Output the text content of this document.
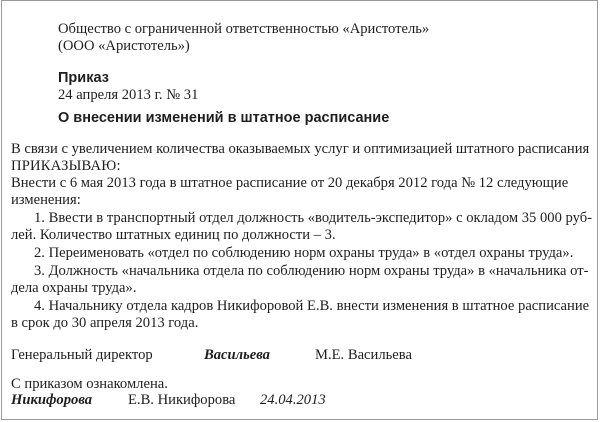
Общество с ограниченной ответственностью «Аристотель»

(ООО «Аристотель»)

Приказ

24 апреля 2013 г. № 31

О внесении изменений в штатное расписание

В связи с увеличением количества оказываемых услуг и оптимизацией штатного расписания

ПРИКАЗЫВАЮ:

Внести с 6 мая 2013 года в штатное расписание от 20 декабря 2012 года № 12 следующие

изменения:

1. Ввести в транспортный отдел должность «водитель-экспедитор» с окладом 35 000 руб-

лей. Количество штатных единиц по должности – 3.

2. Переименовать «отдел по соблюдению норм охраны труда» в «отдел охраны труда».

3. Должность «начальника отдела по соблюдению норм охраны труда» в «начальника от-

дела охраны труда».

4. Начальнику отдела кадров Никифоровой Е.В. внести изменения в штатное расписание

в срок до 30 апреля 2013 года.

Генеральный директор	Васильева	М.Е. Васильева

С приказом ознакомлена.

Никифорова Е.В. Никифорова 24.04.2013
